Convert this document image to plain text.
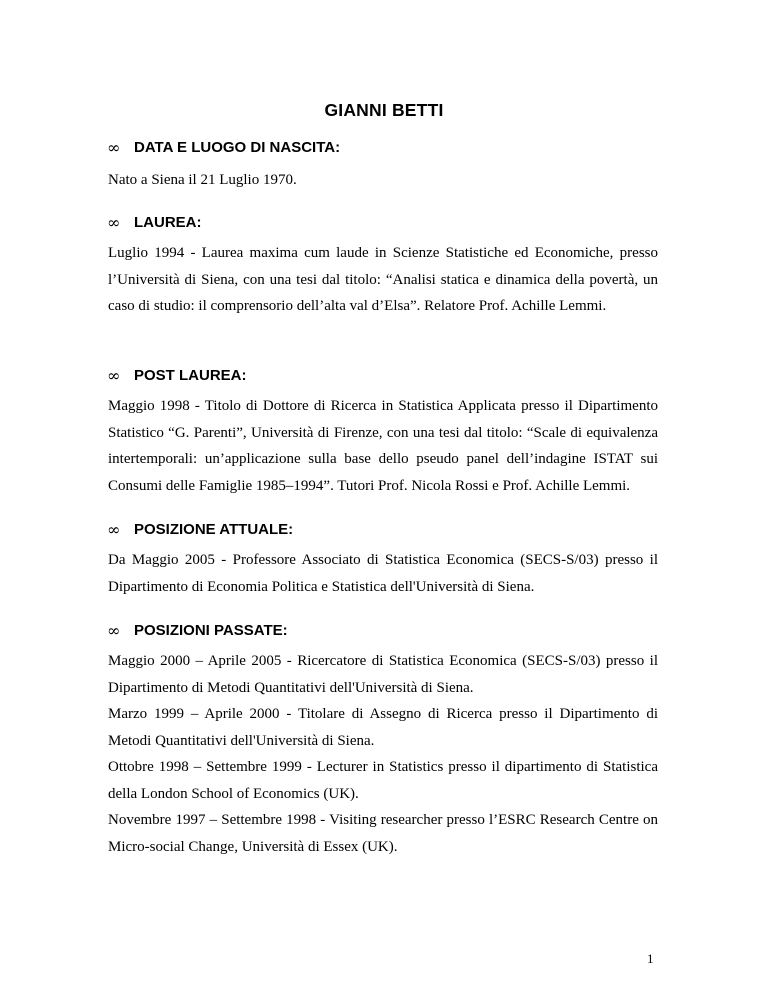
GIANNI BETTI
∞ DATA E LUOGO DI NASCITA:

Nato a Siena il 21 Luglio 1970.

∞ LAUREA:

Luglio 1994 - Laurea maxima cum laude in Scienze Statistiche ed Economiche, presso l’Università di Siena, con una tesi dal titolo: “Analisi statica e dinamica della povertà, un caso di studio: il comprensorio dell’alta val d’Elsa”. Relatore Prof. Achille Lemmi.

∞ POST LAUREA:

Maggio 1998 - Titolo di Dottore di Ricerca in Statistica Applicata presso il Dipartimento Statistico “G. Parenti”, Università di Firenze, con una tesi dal titolo: “Scale di equivalenza intertemporali: un’applicazione sulla base dello pseudo panel dell’indagine ISTAT sui Consumi delle Famiglie 1985–1994”. Tutori Prof. Nicola Rossi e Prof. Achille Lemmi.

∞ POSIZIONE ATTUALE:

Da Maggio 2005 - Professore Associato di Statistica Economica (SECS-S/03) presso il Dipartimento di Economia Politica e Statistica dell'Università di Siena.

∞ POSIZIONI PASSATE:
Maggio 2000 – Aprile 2005 - Ricercatore di Statistica Economica (SECS-S/03) presso il Dipartimento di Metodi Quantitativi dell'Università di Siena.
Marzo 1999 – Aprile 2000 - Titolare di Assegno di Ricerca presso il Dipartimento di Metodi Quantitativi dell'Università di Siena.
Ottobre 1998 – Settembre 1999 - Lecturer in Statistics presso il dipartimento di Statistica della London School of Economics (UK).
Novembre 1997 – Settembre 1998 - Visiting researcher presso l’ESRC Research Centre on Micro-social Change, Università di Essex (UK).
1
